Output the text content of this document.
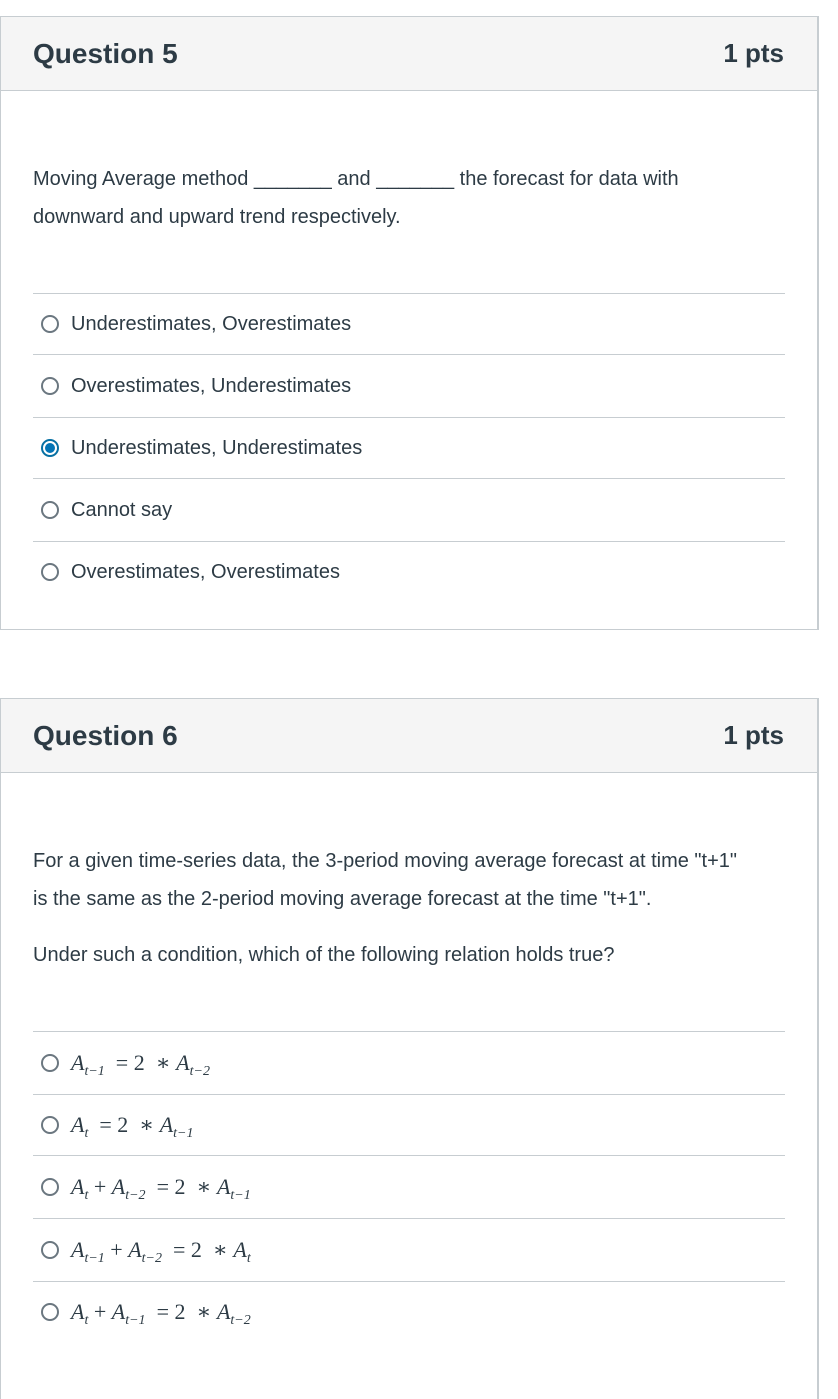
Question 5	1 pts

Moving Average method _______ and _______ the forecast for data with

downward and upward trend respectively.

Underestimates, Overestimates
Overestimates, Underestimates
Underestimates, Underestimates
Cannot say
Overestimates, Overestimates
Question 6	1 pts

For a given time-series data, the 3-period moving average forecast at time "t+1"

is the same as the 2-period moving average forecast at the time "t+1".

Under such a condition, which of the following relation holds true?

$A_{t-1} = 2$  ∗ $A_{t-2}$
$A_t = 2$  ∗ $A_{t-1}$
$A_t + A_{t-2} = 2$  ∗ $A_{t-1}$
$A_{t-1} + A_{t-2} = 2$  ∗ $A_t$
$A_t + A_{t-1} = 2$  ∗ $A_{t-2}$
